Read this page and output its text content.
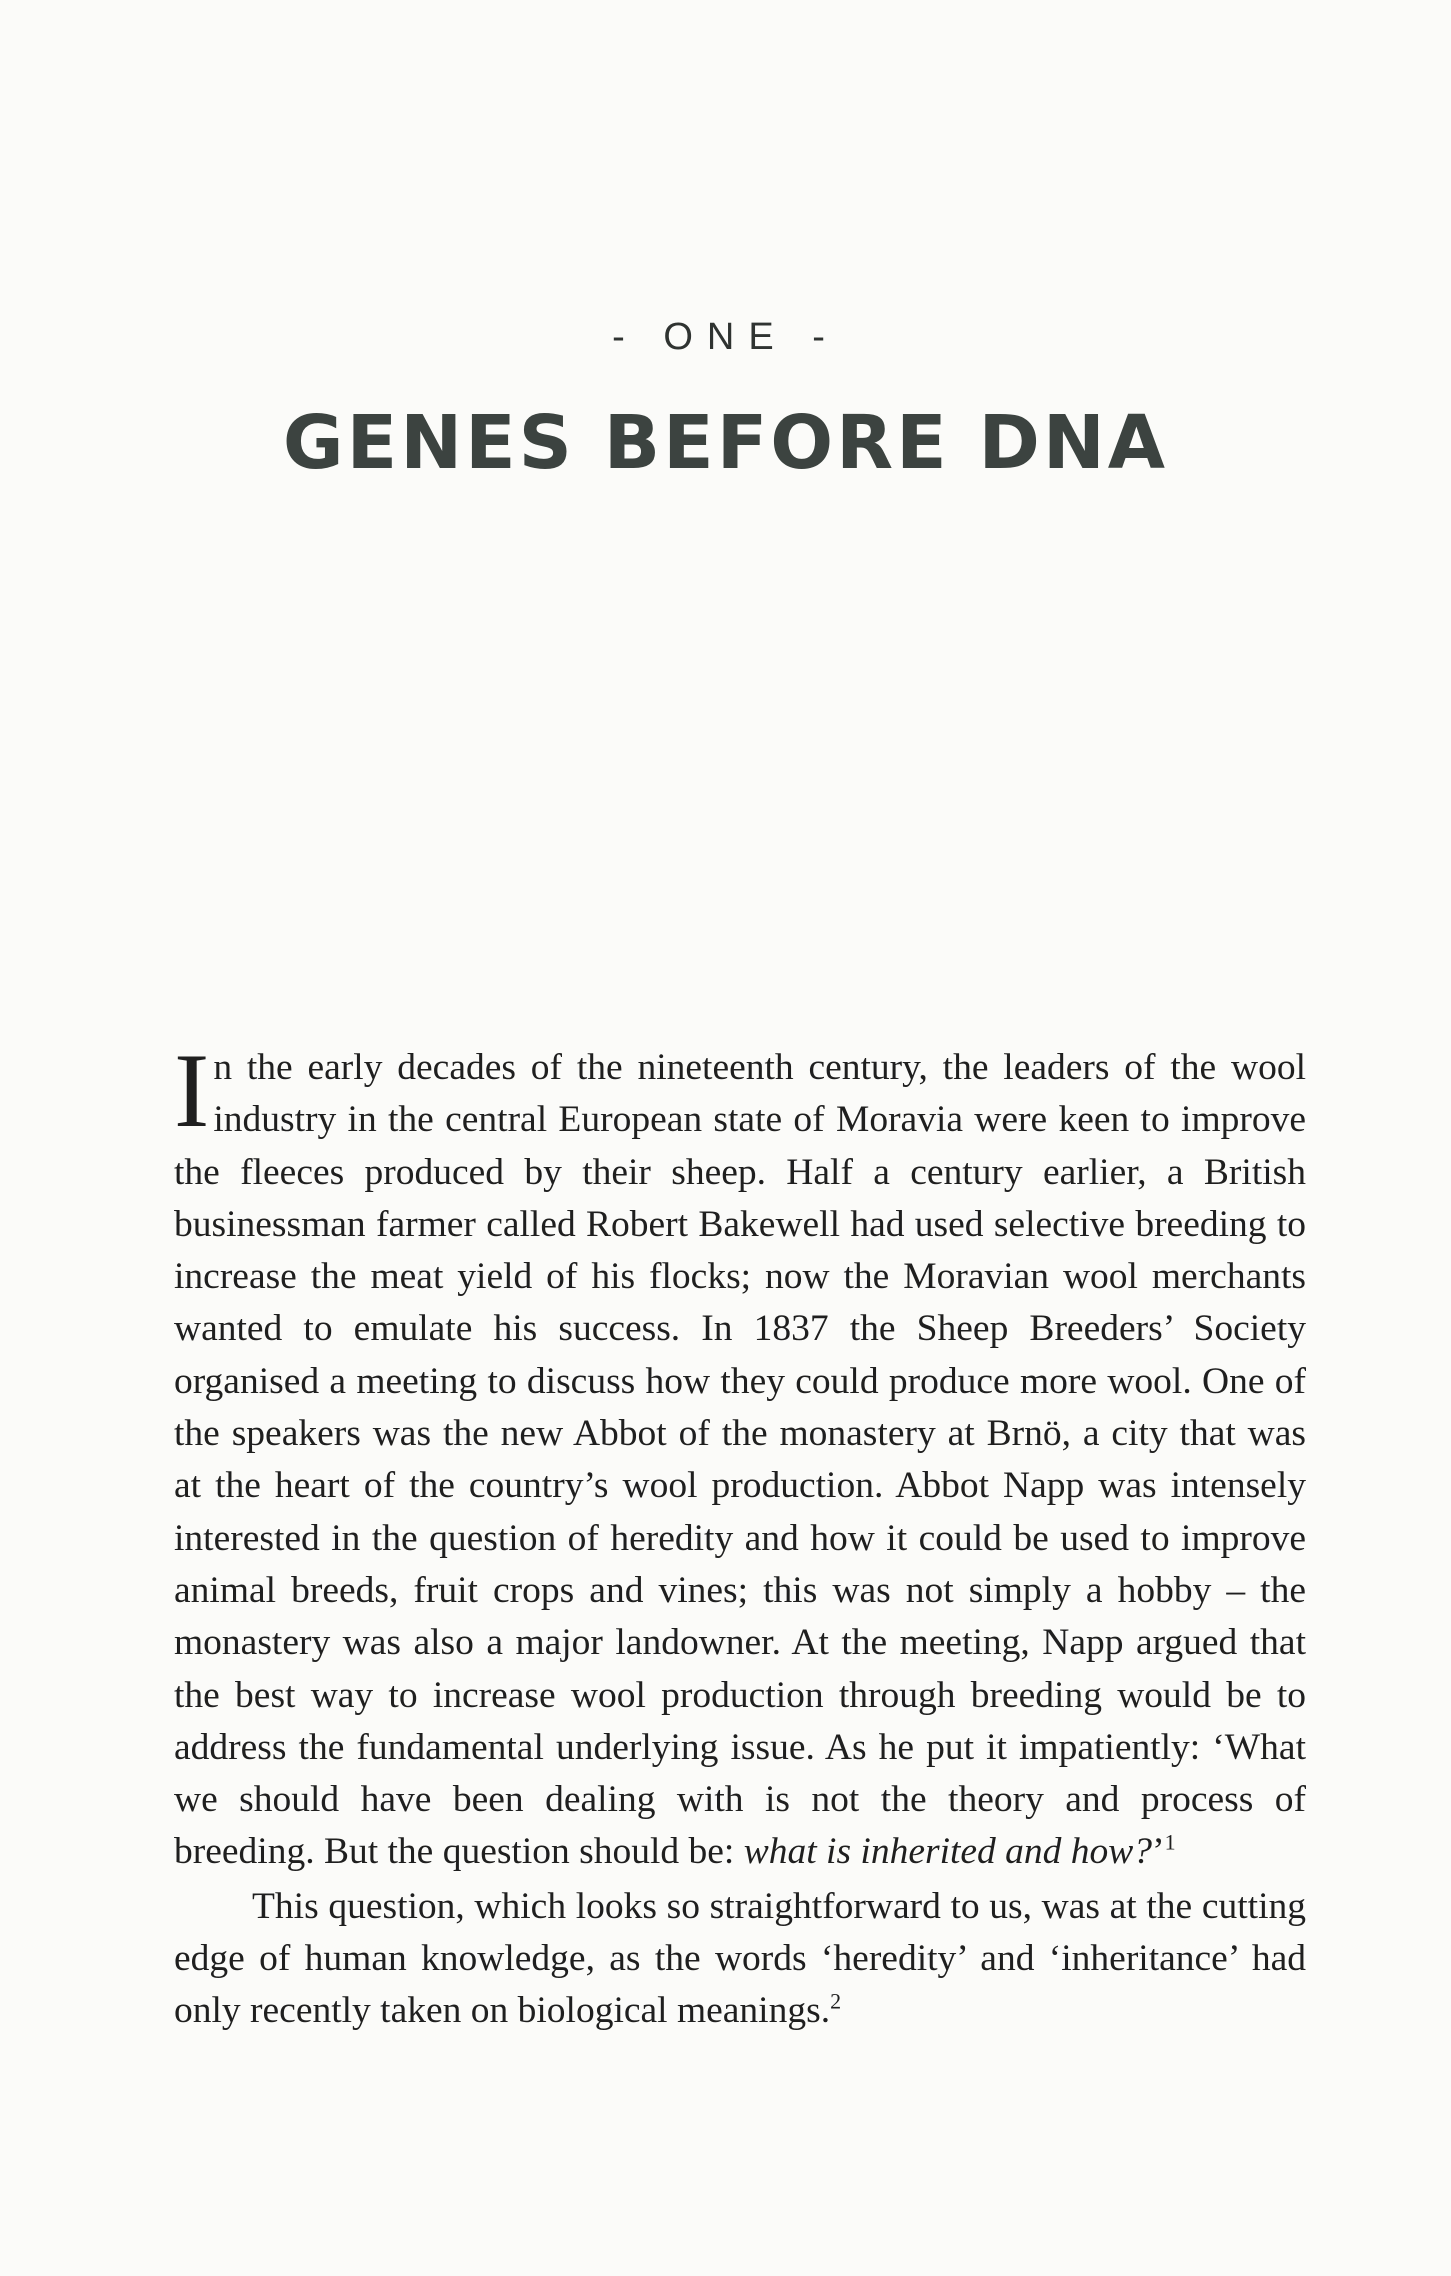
- ONE -
GENES BEFORE DNA

In the early decades of the nineteenth century, the leaders of the wool industry in the central European state of Moravia were keen to improve the fleeces produced by their sheep. Half a century earlier, a British businessman farmer called Robert Bakewell had used selective breeding to increase the meat yield of his flocks; now the Moravian wool merchants wanted to emulate his success. In 1837 the Sheep Breeders’ Society organised a meeting to discuss how they could produce more wool. One of the speakers was the new Abbot of the monastery at Brnö, a city that was at the heart of the country’s wool production. Abbot Napp was intensely interested in the question of heredity and how it could be used to improve animal breeds, fruit crops and vines; this was not simply a hobby – the monastery was also a major landowner. At the meeting, Napp argued that the best way to increase wool production through breeding would be to address the fundamental underlying issue. As he put it impatiently: ‘What we should have been dealing with is not the theory and process of breeding. But the question should be: what is inherited and how?’$^1$

This question, which looks so straightforward to us, was at the cutting edge of human knowledge, as the words ‘heredity’ and ‘inheritance’ had only recently taken on biological meanings.$^2$
